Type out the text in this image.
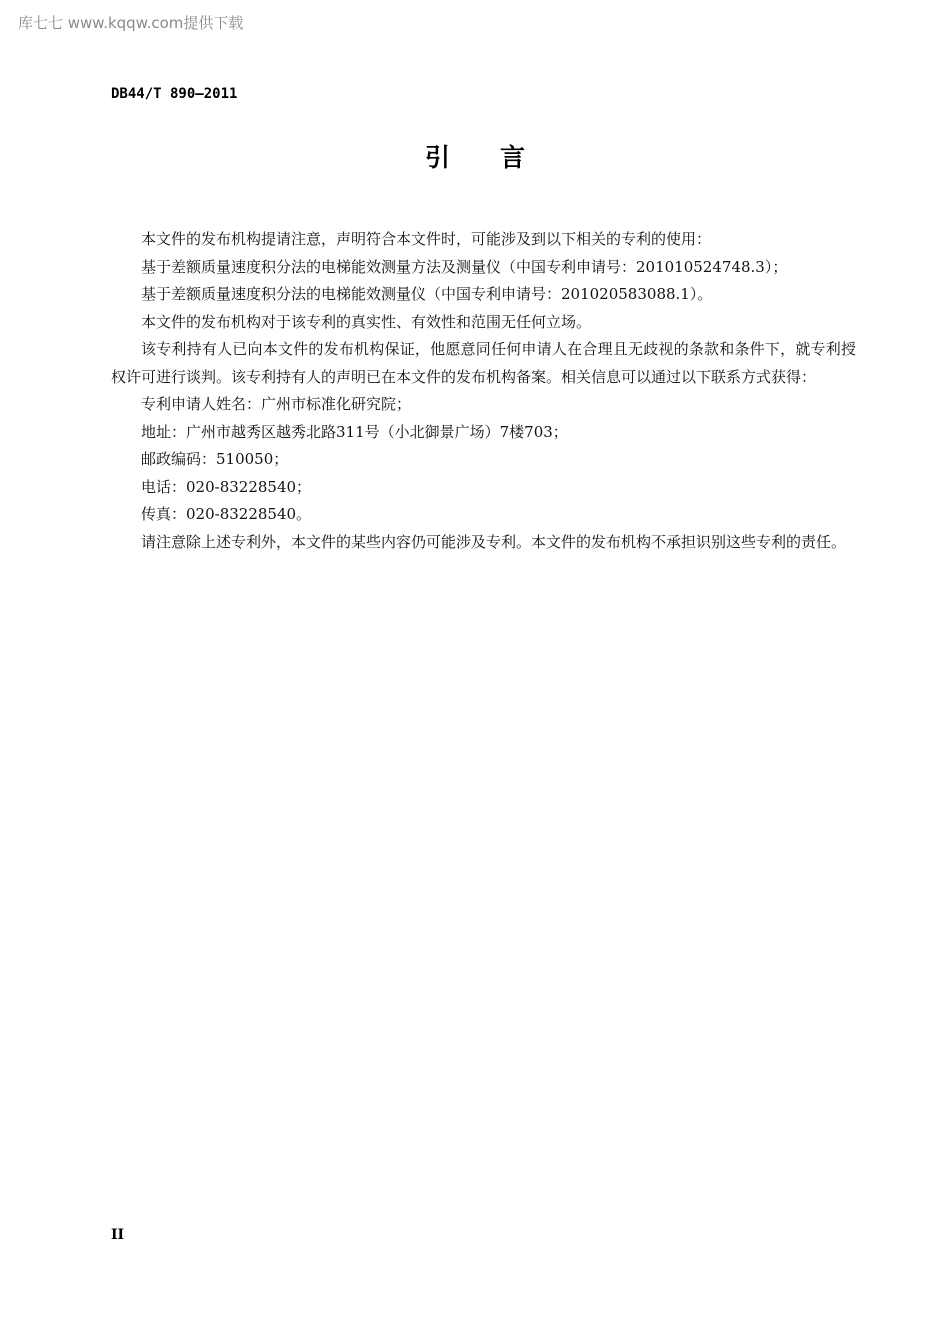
库七七 www.kqqw.com提供下载
DB44/T 890—2011
引言

本文件的发布机构提请注意，声明符合本文件时，可能涉及到以下相关的专利的使用：

基于差额质量速度积分法的电梯能效测量方法及测量仪（中国专利申请号：201010524748.3）；

基于差额质量速度积分法的电梯能效测量仪（中国专利申请号：201020583088.1）。

本文件的发布机构对于该专利的真实性、有效性和范围无任何立场。

该专利持有人已向本文件的发布机构保证，他愿意同任何申请人在合理且无歧视的条款和条件下，就专利授权许可进行谈判。该专利持有人的声明已在本文件的发布机构备案。相关信息可以通过以下联系方式获得：

专利申请人姓名：广州市标准化研究院；

地址：广州市越秀区越秀北路311号（小北御景广场）7楼703；

邮政编码：510050；

电话：020-83228540；

传真：020-83228540。

请注意除上述专利外，本文件的某些内容仍可能涉及专利。本文件的发布机构不承担识别这些专利的责任。

II
